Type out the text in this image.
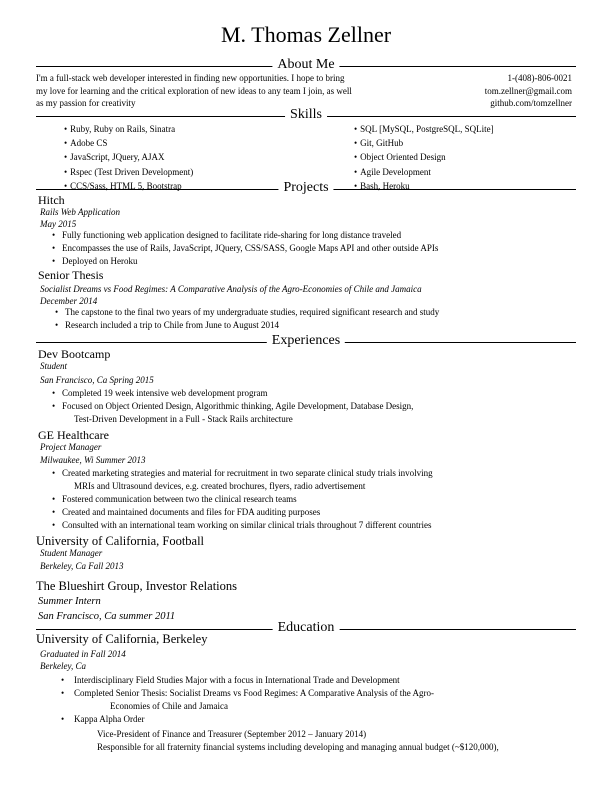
M. Thomas Zellner
About Me
I'm a full-stack web developer interested in finding new opportunities. I hope to bring
my love for learning and the critical exploration of new ideas to any team I join, as well
as my passion for creativity
1-(408)-806-0021
tom.zellner@gmail.com
github.com/tomzellner
Skills
• Ruby, Ruby on Rails, Sinatra
• Adobe CS
• JavaScript, JQuery, AJAX
• Rspec (Test Driven Development)
• CCS/Sass, HTML 5, Bootstrap
• SQL [MySQL, PostgreSQL, SQLite]
• Git, GitHub
• Object Oriented Design
• Agile Development
• Bash, Heroku
Projects
Hitch
Rails Web Application
May 2015
• Fully functioning web application designed to facilitate ride-sharing for long distance traveled
• Encompasses the use of Rails, JavaScript, JQuery, CSS/SASS, Google Maps API and other outside APIs
• Deployed on Heroku
Senior Thesis
Socialist Dreams vs Food Regimes: A Comparative Analysis of the Agro-Economies of Chile and Jamaica
December 2014
• The capstone to the final two years of my undergraduate studies, required significant research and study
• Research included a trip to Chile from June to August 2014
Experiences
Dev Bootcamp
Student
San Francisco, Ca Spring 2015
• Completed 19 week intensive web development program
• Focused on Object Oriented Design, Algorithmic thinking, Agile Development, Database Design,
Test-Driven Development in a Full - Stack Rails architecture
GE Healthcare
Project Manager
Milwaukee, Wi Summer 2013
• Created marketing strategies and material for recruitment in two separate clinical study trials involving
MRIs and Ultrasound devices, e.g. created brochures, flyers, radio advertisement
• Fostered communication between two the clinical research teams
• Created and maintained documents and files for FDA auditing purposes
• Consulted with an international team working on similar clinical trials throughout 7 different countries
University of California, Football
Student Manager
Berkeley, Ca Fall 2013
The Blueshirt Group, Investor Relations
Summer Intern
San Francisco, Ca summer 2011
Education
University of California, Berkeley
Graduated in Fall 2014
Berkeley, Ca
• Interdisciplinary Field Studies Major with a focus in International Trade and Development
• Completed Senior Thesis: Socialist Dreams vs Food Regimes: A Comparative Analysis of the Agro-
Economies of Chile and Jamaica
• Kappa Alpha Order
Vice-President of Finance and Treasurer (September 2012 – January 2014)
Responsible for all fraternity financial systems including developing and managing annual budget (~$120,000),
